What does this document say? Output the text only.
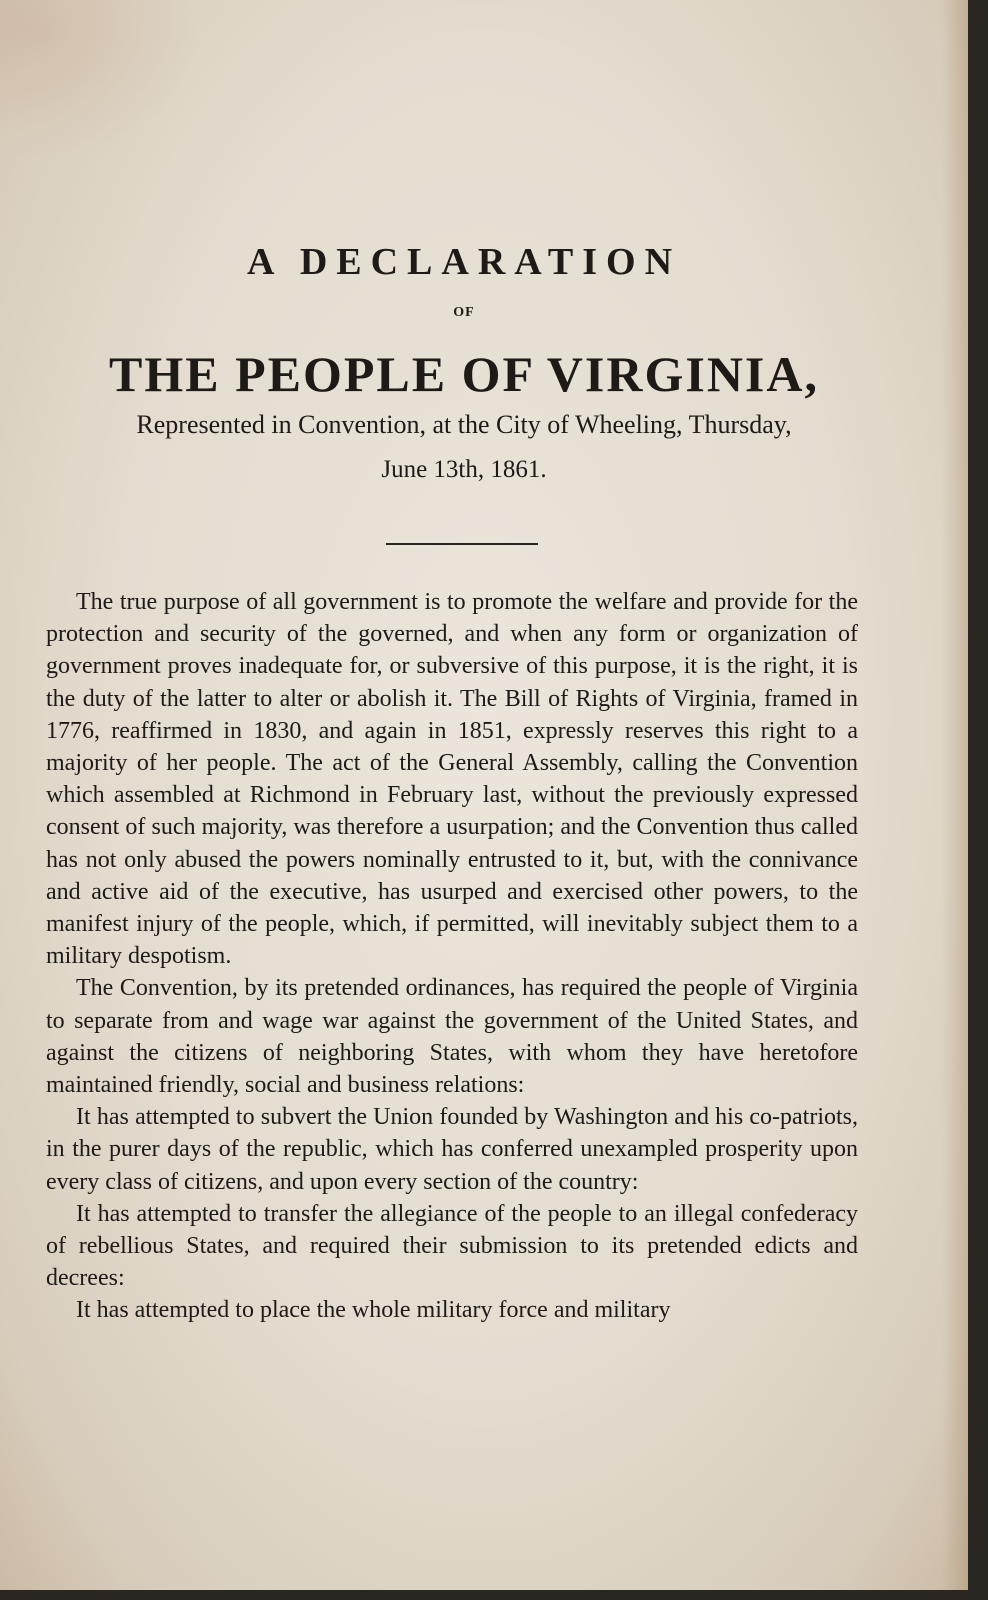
A DECLARATION
OF
THE PEOPLE OF VIRGINIA,
Represented in Convention, at the City of Wheeling, Thursday,
June 13th, 1861.

The true purpose of all government is to promote the welfare and provide for the protection and security of the governed, and when any form or organization of government proves inadequate for, or subversive of this purpose, it is the right, it is the duty of the latter to alter or abolish it. The Bill of Rights of Virginia, framed in 1776, reaffirmed in 1830, and again in 1851, expressly reserves this right to a majority of her people. The act of the General Assembly, calling the Convention which assembled at Richmond in February last, without the previously expressed consent of such majority, was therefore a usurpation; and the Convention thus called has not only abused the powers nominally entrusted to it, but, with the connivance and active aid of the executive, has usurped and exercised other powers, to the manifest injury of the people, which, if permitted, will inevitably subject them to a military despotism.

The Convention, by its pretended ordinances, has required the people of Virginia to separate from and wage war against the government of the United States, and against the citizens of neighboring States, with whom they have heretofore maintained friendly, social and business relations:

It has attempted to subvert the Union founded by Washington and his co-patriots, in the purer days of the republic, which has conferred unexampled prosperity upon every class of citizens, and upon every section of the country:

It has attempted to transfer the allegiance of the people to an illegal confederacy of rebellious States, and required their submission to its pretended edicts and decrees:

It has attempted to place the whole military force and military
